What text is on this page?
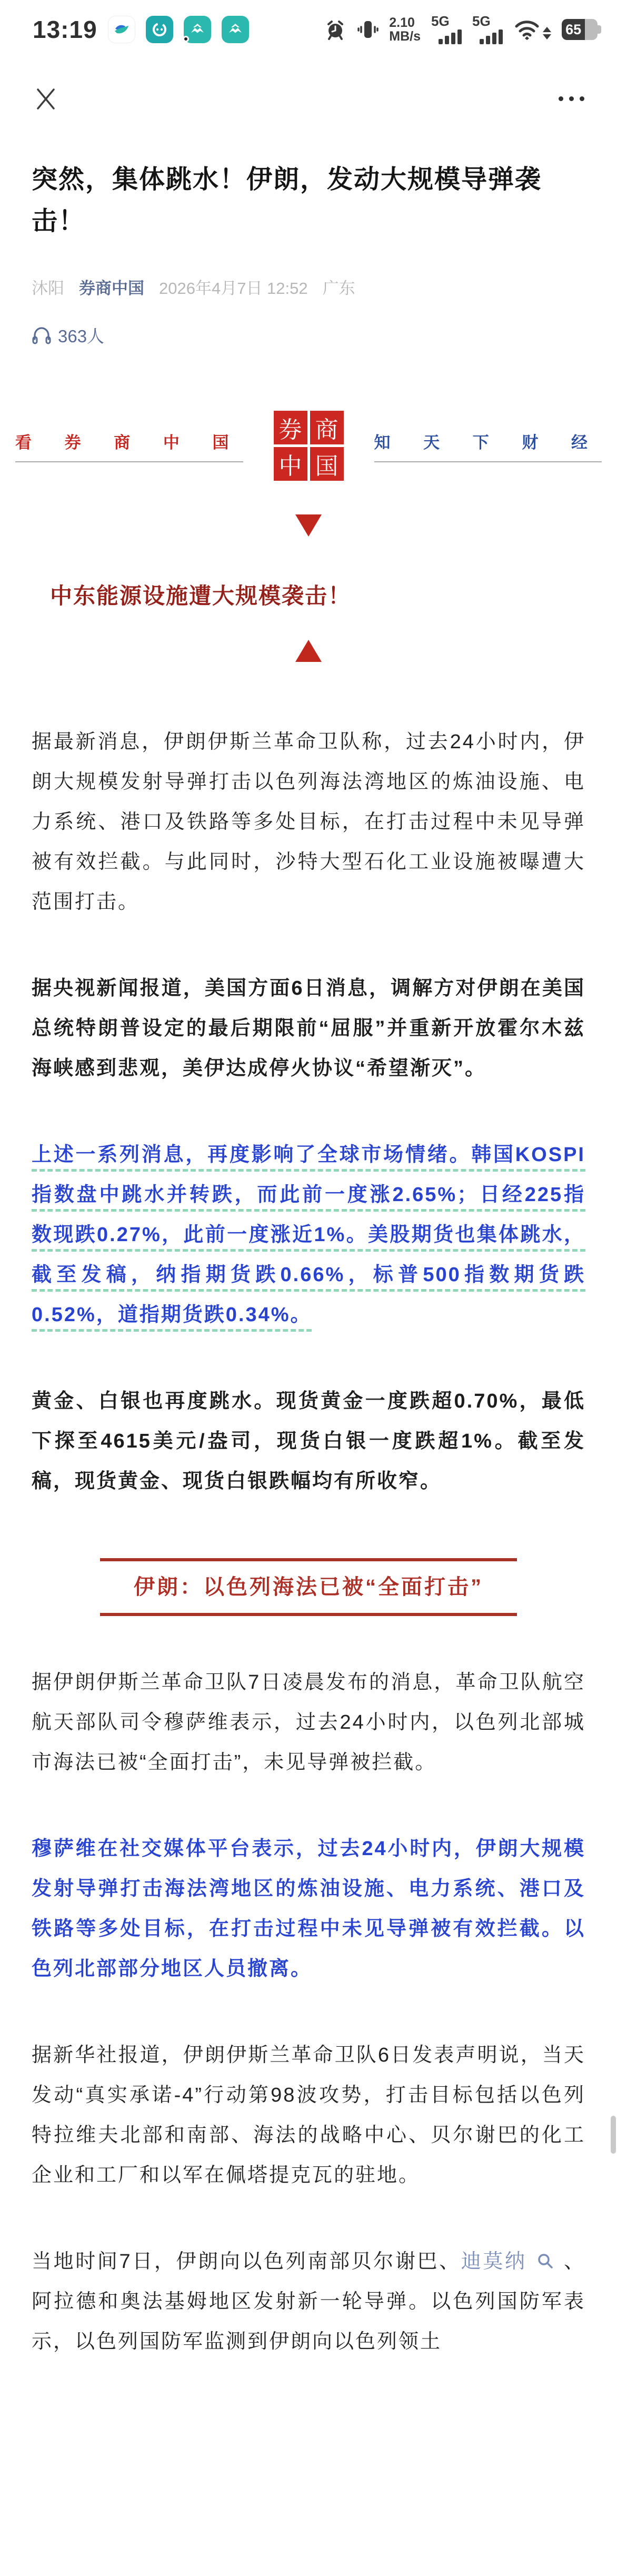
13:19	2.10
MB/s
5G 5G
65
突然，集体跳水！伊朗，发动大规模导弹袭击！
沐阳 券商中国 2026年4月7日 12:52 广东
363人
看 券 商 中 国 券 商
中 国
知 天 下 财 经
中东能源设施遭大规模袭击！

据最新消息，伊朗伊斯兰革命卫队称，过去24小时内，伊朗大规模发射导弹打击以色列海法湾地区的炼油设施、电力系统、港口及铁路等多处目标，在打击过程中未见导弹被有效拦截。与此同时，沙特大型石化工业设施被曝遭大范围打击。

据央视新闻报道，美国方面6日消息，调解方对伊朗在美国总统特朗普设定的最后期限前“屈服”并重新开放霍尔木兹海峡感到悲观，美伊达成停火协议“希望渐灭”。

上述一系列消息，再度影响了全球市场情绪。韩国KOSPI指数盘中跳水并转跌，而此前一度涨2.65%；日经225指数现跌0.27%，此前一度涨近1%。美股期货也集体跳水，截至发稿，纳指期货跌0.66%，标普500指数期货跌0.52%，道指期货跌0.34%。

黄金、白银也再度跳水。现货黄金一度跌超0.70%，最低下探至4615美元/盎司，现货白银一度跌超1%。截至发稿，现货黄金、现货白银跌幅均有所收窄。

伊朗：以色列海法已被“全面打击”

据伊朗伊斯兰革命卫队7日凌晨发布的消息，革命卫队航空航天部队司令穆萨维表示，过去24小时内，以色列北部城市海法已被“全面打击”，未见导弹被拦截。

穆萨维在社交媒体平台表示，过去24小时内，伊朗大规模发射导弹打击海法湾地区的炼油设施、电力系统、港口及铁路等多处目标，在打击过程中未见导弹被有效拦截。以色列北部部分地区人员撤离。

据新华社报道，伊朗伊斯兰革命卫队6日发表声明说，当天发动“真实承诺-4”行动第98波攻势，打击目标包括以色列特拉维夫北部和南部、海法的战略中心、贝尔谢巴的化工企业和工厂和以军在佩塔提克瓦的驻地。

当地时间7日，伊朗向以色列南部贝尔谢巴、迪莫纳 、阿拉德和奥法基姆地区发射新一轮导弹。以色列国防军表示，以色列国防军监测到伊朗向以色列领土
